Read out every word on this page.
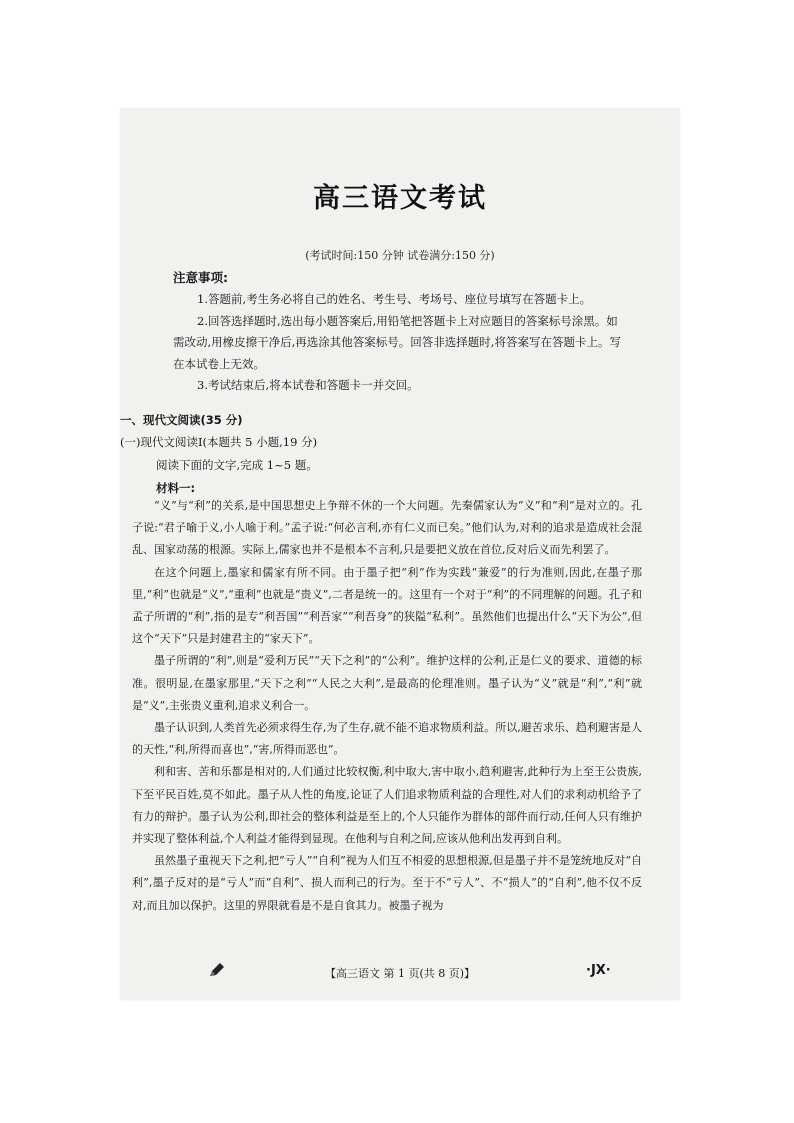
高三语文考试
(考试时间:150 分钟 试卷满分:150 分)
注意事项:

1.答题前,考生务必将自己的姓名、考生号、考场号、座位号填写在答题卡上。

2.回答选择题时,选出每小题答案后,用铅笔把答题卡上对应题目的答案标号涂黑。如需改动,用橡皮擦干净后,再选涂其他答案标号。回答非选择题时,将答案写在答题卡上。写在本试卷上无效。

3.考试结束后,将本试卷和答题卡一并交回。

一、现代文阅读(35 分)
(一)现代文阅读Ⅰ(本题共 5 小题,19 分)
阅读下面的文字,完成 1~5 题。
材料一:

“义”与“利”的关系,是中国思想史上争辩不休的一个大问题。先秦儒家认为“义”和“利”是对立的。孔子说:“君子喻于义,小人喻于利。”孟子说:“何必言利,亦有仁义而已矣。”他们认为,对利的追求是造成社会混乱、国家动荡的根源。实际上,儒家也并不是根本不言利,只是要把义放在首位,反对后义而先利罢了。

在这个问题上,墨家和儒家有所不同。由于墨子把“利”作为实践“兼爱”的行为准则,因此,在墨子那里,“利”也就是“义”,“重利”也就是“贵义”,二者是统一的。这里有一个对于“利”的不同理解的问题。孔子和孟子所谓的“利”,指的是专“利吾国”“利吾家”“利吾身”的狭隘“私利”。虽然他们也提出什么“天下为公”,但这个“天下”只是封建君主的“家天下”。

墨子所谓的“利”,则是“爱利万民”“天下之利”的“公利”。维护这样的公利,正是仁义的要求、道德的标准。很明显,在墨家那里,“天下之利”“人民之大利”,是最高的伦理准则。墨子认为“义”就是“利”,“利”就是“义”,主张贵义重利,追求义利合一。

墨子认识到,人类首先必须求得生存,为了生存,就不能不追求物质利益。所以,避苦求乐、趋利避害是人的天性,“利,所得而喜也”,“害,所得而恶也”。

利和害、苦和乐都是相对的,人们通过比较权衡,利中取大,害中取小,趋利避害,此种行为上至王公贵族,下至平民百姓,莫不如此。墨子从人性的角度,论证了人们追求物质利益的合理性,对人们的求利动机给予了有力的辩护。墨子认为公利,即社会的整体利益是至上的,个人只能作为群体的部件而行动,任何人只有维护并实现了整体利益,个人利益才能得到显现。在他利与自利之间,应该从他利出发再到自利。

虽然墨子重视天下之利,把“亏人”“自利”视为人们互不相爱的思想根源,但是墨子并不是笼统地反对“自利”,墨子反对的是“亏人”而“自利”、损人而利己的行为。至于不“亏人”、不“损人”的“自利”,他不仅不反对,而且加以保护。这里的界限就看是不是自食其力。被墨子视为

【高三语文 第 1 页(共 8 页)】	·JX·
